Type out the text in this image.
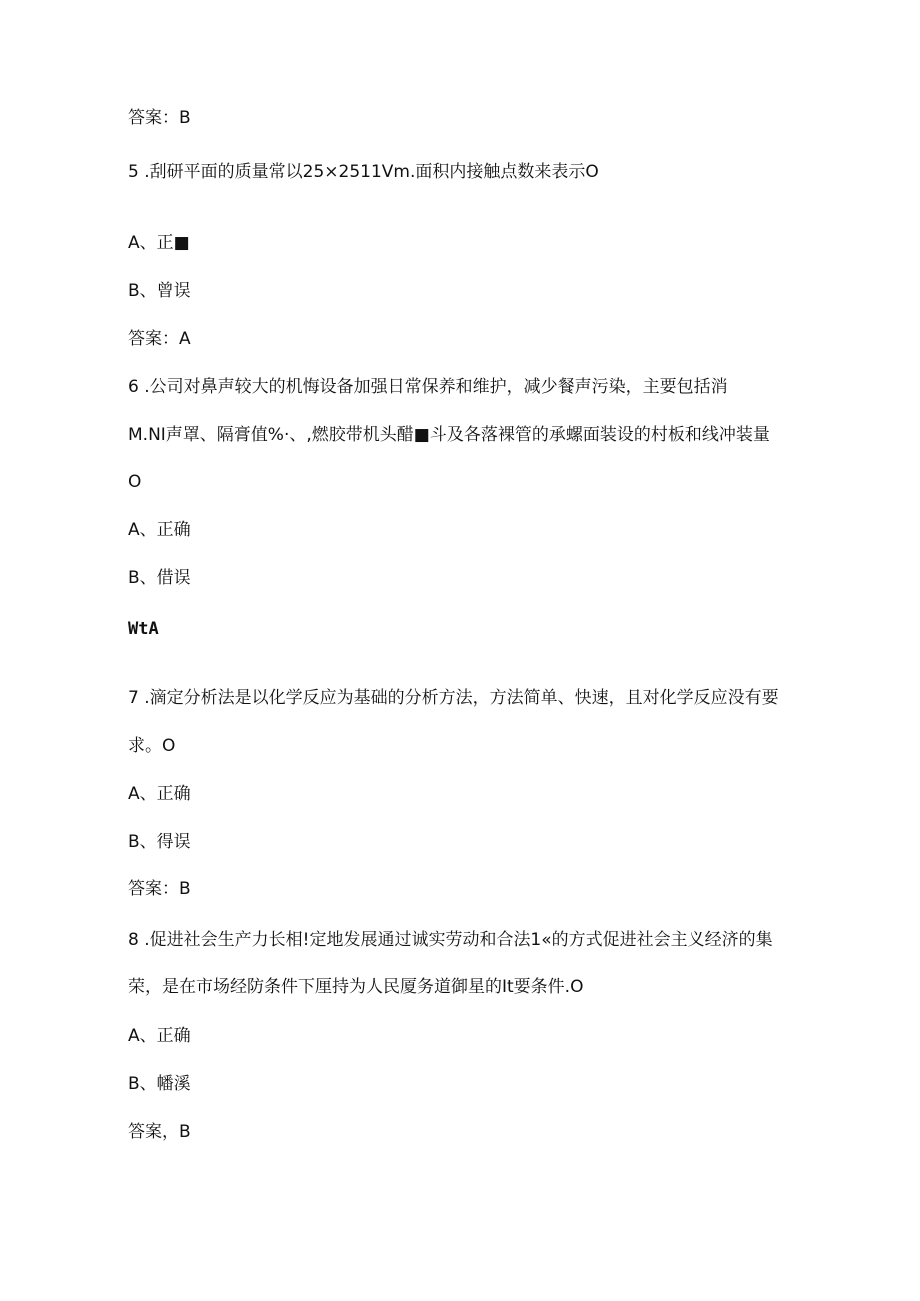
答案：B
5 .刮研平面的质量常以25×2511Vm.面积内接触点数来表示O
A、正■
B、曾误
答案：A
6 .公司对鼻声较大的机悔设备加强日常保养和维护，减少餐声污染，主要包括消
M.NI声罩、隔膏值%·、,燃胶带机头醋■斗及各落裸管的承螺面装设的村板和线冲装量
O
A、正确
B、借误
WtA
7 .滴定分析法是以化学反应为基础的分析方法，方法简单、快速，且对化学反应没有要
求。O
A、正确
B、得误
答案：B
8 .促进社会生产力长相!定地发展通过诚实劳动和合法1«的方式促进社会主义经济的集
荣，是在市场经防条件下厘持为人民厦务道御星的It要条件.O
A、正确
B、幡溪
答案，B
